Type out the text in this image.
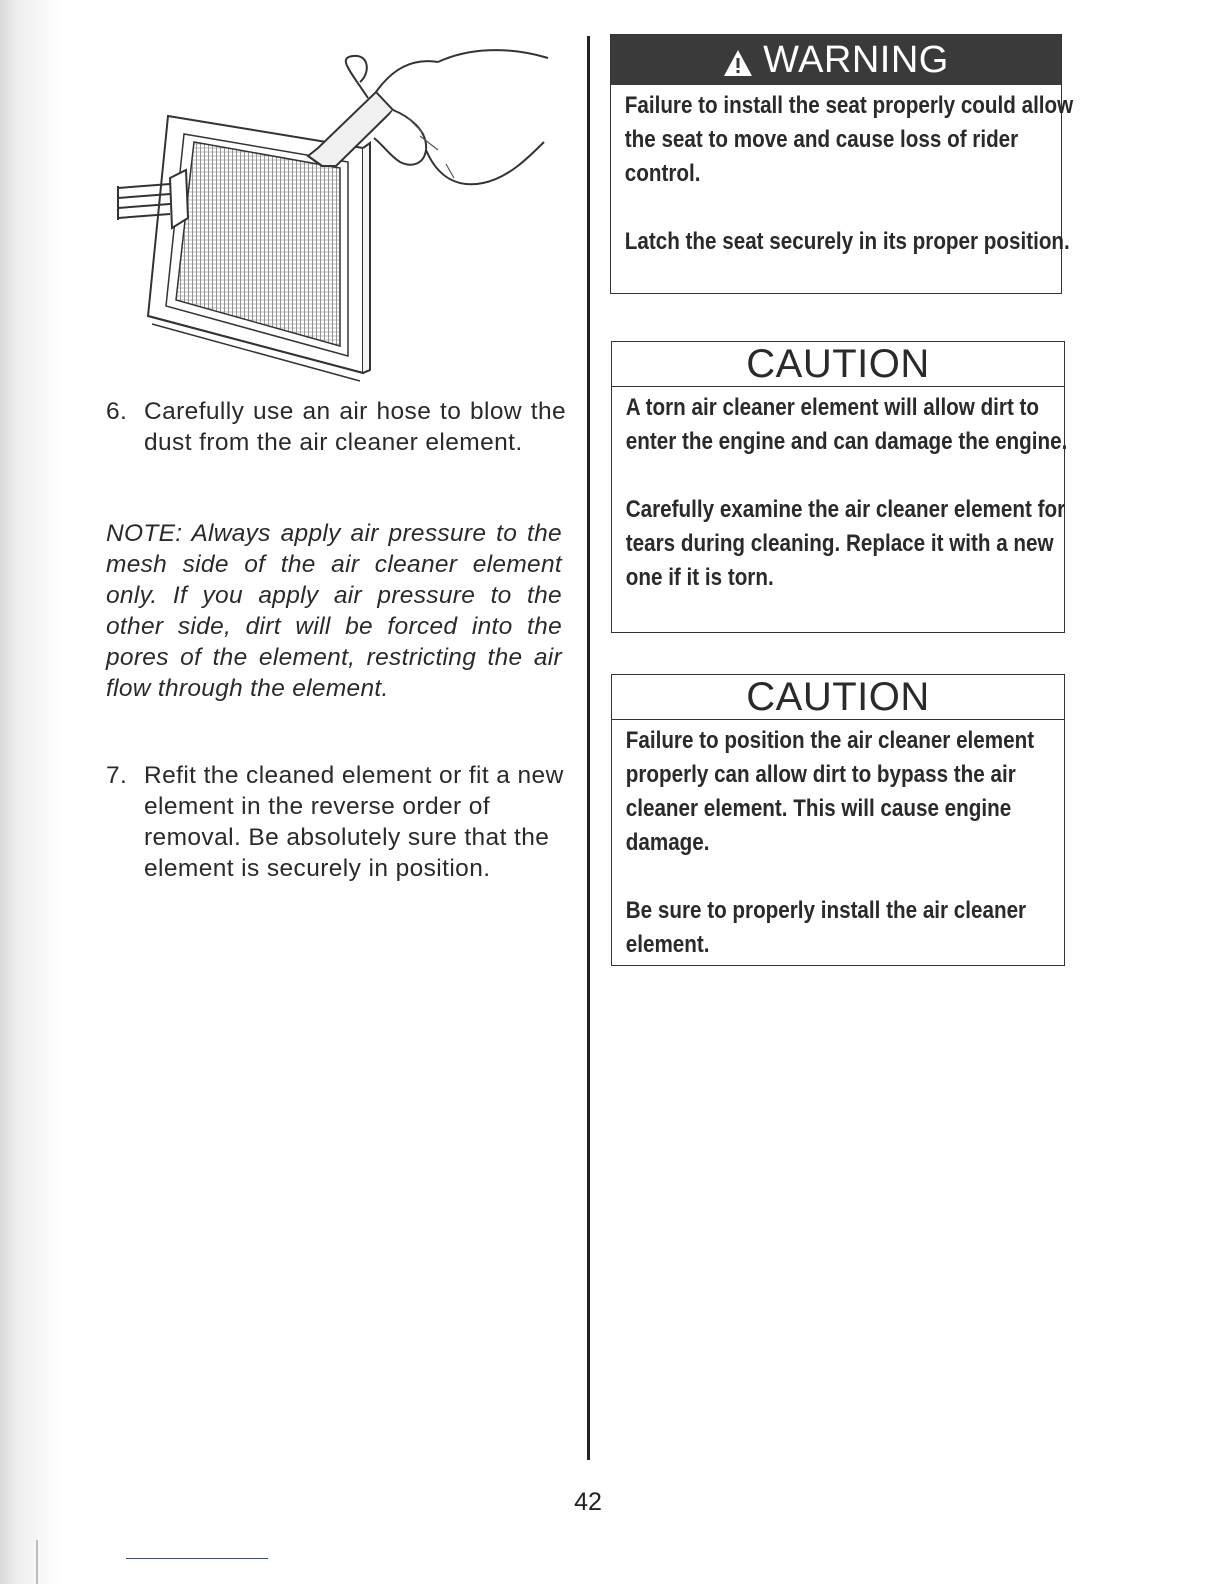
6. Carefully use an air hose to blow the dust from the air cleaner element.
NOTE: Always apply air pressure to the mesh side of the air cleaner element only. If you apply air pressure to the other side, dirt will be forced into the pores of the element, restricting the air flow through the element.
7. Refit the cleaned element or fit a new element in the reverse order of removal. Be absolutely sure that the element is securely in position.
WARNING

Failure to install the seat properly could allow the seat to move and cause loss of rider control.

Latch the seat securely in its proper position.

CAUTION

A torn air cleaner element will allow dirt to enter the engine and can damage the engine.

Carefully examine the air cleaner element for tears during cleaning. Replace it with a new one if it is torn.

CAUTION

Failure to position the air cleaner element properly can allow dirt to bypass the air cleaner element. This will cause engine damage.

Be sure to properly install the air cleaner element.

42
